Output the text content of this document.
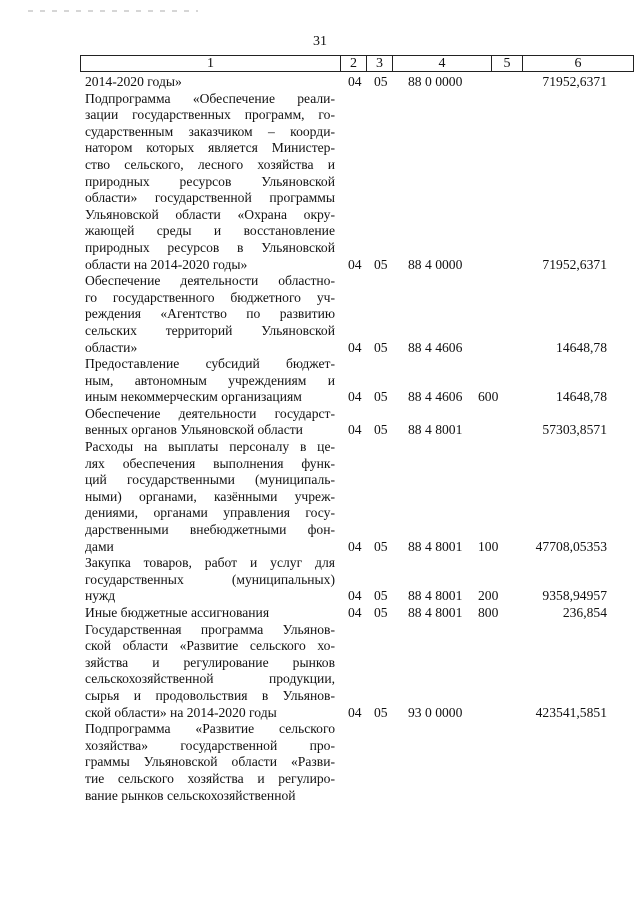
31
1	2	3	4	5	6
2014-2020 годы»	04 05 88 0 0000	71952,6371
Подпрограмма «Обеспечение реали-
зации государственных программ, го-
сударственным заказчиком – коорди-
натором которых является Министер-
ство сельского, лесного хозяйства и
природных ресурсов Ульяновской
области» государственной программы
Ульяновской области «Охрана окру-
жающей среды и восстановление
природных ресурсов в Ульяновской
области на 2014-2020 годы»	04 05 88 4 0000	71952,6371
Обеспечение деятельности областно-
го государственного бюджетного уч-
реждения «Агентство по развитию
сельских территорий Ульяновской
области»	04 05 88 4 4606	14648,78
Предоставление субсидий бюджет-
ным, автономным учреждениям и
иным некоммерческим организациям	04 05 88 4 4606 600	14648,78
Обеспечение деятельности государст-
венных органов Ульяновской области	04 05 88 4 8001	57303,8571
Расходы на выплаты персоналу в це-
лях обеспечения выполнения функ-
ций государственными (муниципаль-
ными) органами, казёнными учреж-
дениями, органами управления госу-
дарственными внебюджетными фон-
дами	04 05 88 4 8001 100	47708,05353
Закупка товаров, работ и услуг для
государственных (муниципальных)
нужд	04 05 88 4 8001 200	9358,94957
Иные бюджетные ассигнования	04 05 88 4 8001 800	236,854
Государственная программа Ульянов-
ской области «Развитие сельского хо-
зяйства и регулирование рынков
сельскохозяйственной продукции,
сырья и продовольствия в Ульянов-
ской области» на 2014-2020 годы	04 05 93 0 0000	423541,5851
Подпрограмма «Развитие сельского
хозяйства» государственной про-
граммы Ульяновской области «Разви-
тие сельского хозяйства и регулиро-
вание рынков сельскохозяйственной
